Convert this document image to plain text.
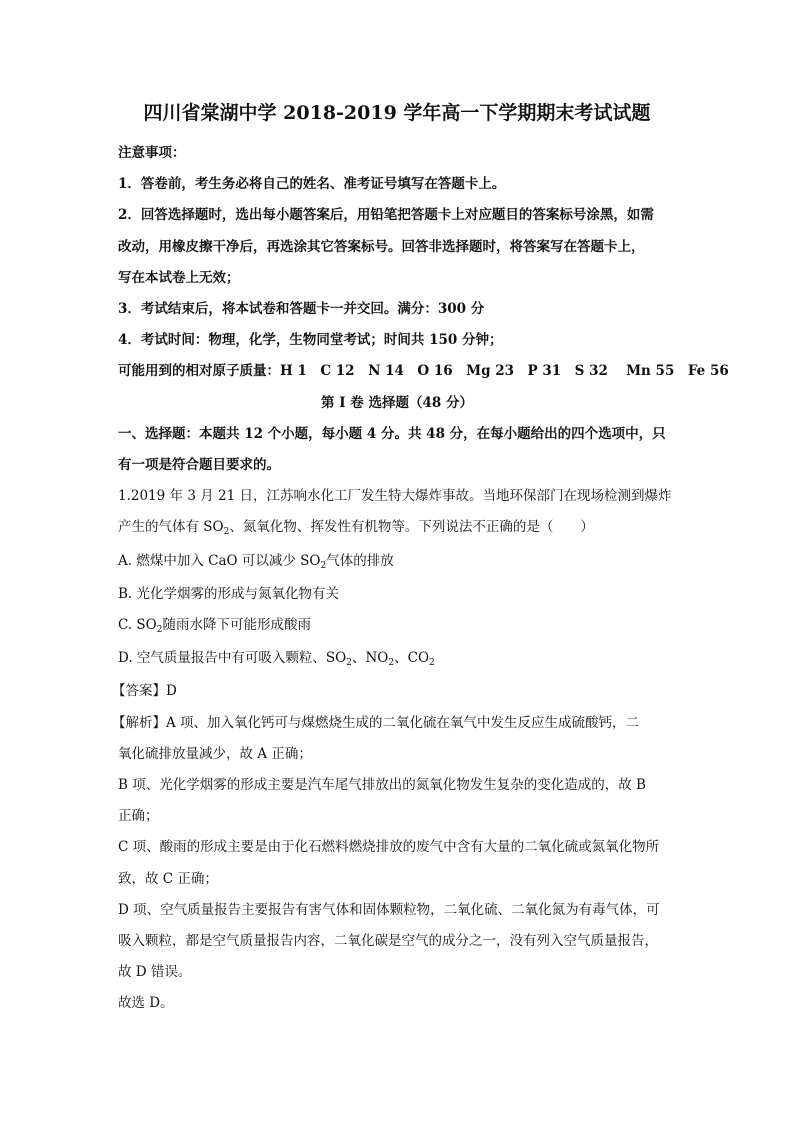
四川省棠湖中学 2018-2019 学年高一下学期期末考试试题
注意事项：
1．答卷前，考生务必将自己的姓名、准考证号填写在答题卡上。
2．回答选择题时，选出每小题答案后，用铅笔把答题卡上对应题目的答案标号涂黑，如需
改动，用橡皮擦干净后，再选涂其它答案标号。回答非选择题时，将答案写在答题卡上，
写在本试卷上无效；
3．考试结束后，将本试卷和答题卡一并交回。满分：300 分
4．考试时间：物理，化学，生物同堂考试；时间共 150 分钟；
可能用到的相对原子质量：H 1　C 12　N 14　O 16　Mg 23　P 31　S 32　 Mn 55　Fe 56
第 I 卷 选择题（48 分）
一、选择题：本题共 12 个小题，每小题 4 分。共 48 分，在每小题给出的四个选项中，只
有一项是符合题目要求的。
1.2019 年 3 月 21 日，江苏响水化工厂发生特大爆炸事故。当地环保部门在现场检测到爆炸
产生的气体有 $SO_2$、氮氧化物、挥发性有机物等。下列说法不正确的是（　　）
A. 燃煤中加入 CaO 可以减少 $SO_2$气体的排放
B. 光化学烟雾的形成与氮氧化物有关
C. $SO_2$随雨水降下可能形成酸雨
D. 空气质量报告中有可吸入颗粒、$SO_2$、$NO_2$、$CO_2$
【答案】D
【解析】A 项、加入氧化钙可与煤燃烧生成的二氧化硫在氧气中发生反应生成硫酸钙，二
氧化硫排放量减少，故 A 正确；
B 项、光化学烟雾的形成主要是汽车尾气排放出的氮氧化物发生复杂的变化造成的，故 B
正确；
C 项、酸雨的形成主要是由于化石燃料燃烧排放的废气中含有大量的二氧化硫或氮氧化物所
致，故 C 正确；
D 项、空气质量报告主要报告有害气体和固体颗粒物，二氧化硫、二氧化氮为有毒气体，可
吸入颗粒，都是空气质量报告内容，二氧化碳是空气的成分之一，没有列入空气质量报告，
故 D 错误。
故选 D。
